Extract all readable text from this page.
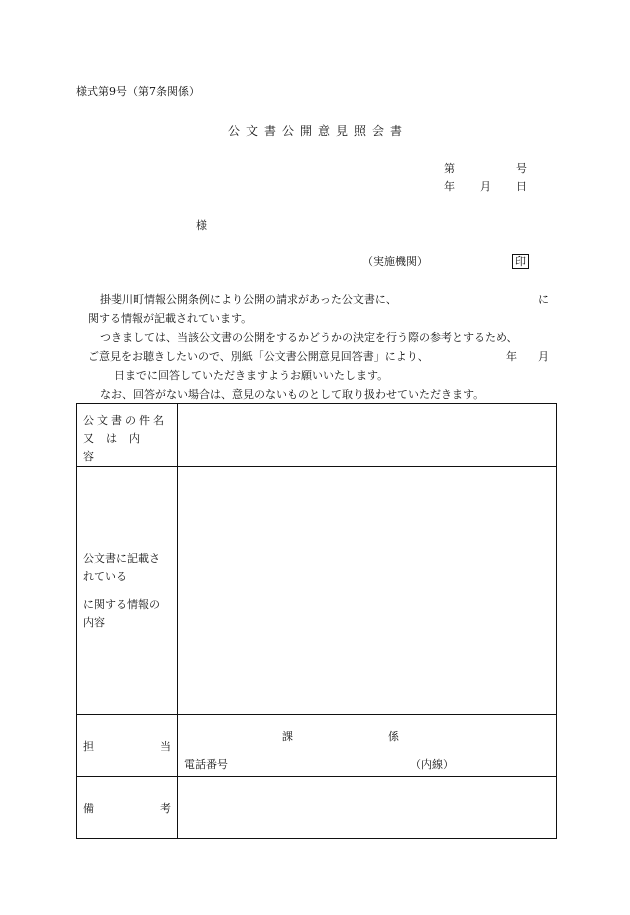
様式第9号（第7条関係）
公文書公開意見照会書
第	号
年 月 日
様
（実施機関）	印
掛斐川町情報公開条例により公開の請求があった公文書に、	に
関する情報が記載されています。
つきましては、当該公文書の公開をするかどうかの決定を行う際の参考とするため、
ご意見をお聴きしたいので、別紙「公文書公開意見回答書」により、	年 月
日までに回答していただきますようお願いいたします。
なお、回答がない場合は、意見のないものとして取り扱わせていただきます。
公文書の件名
又は内容	

公文書に記載さ
れている
に関する情報の
内容	

担 当	課 係
電話番号 （内線）

備 考	
